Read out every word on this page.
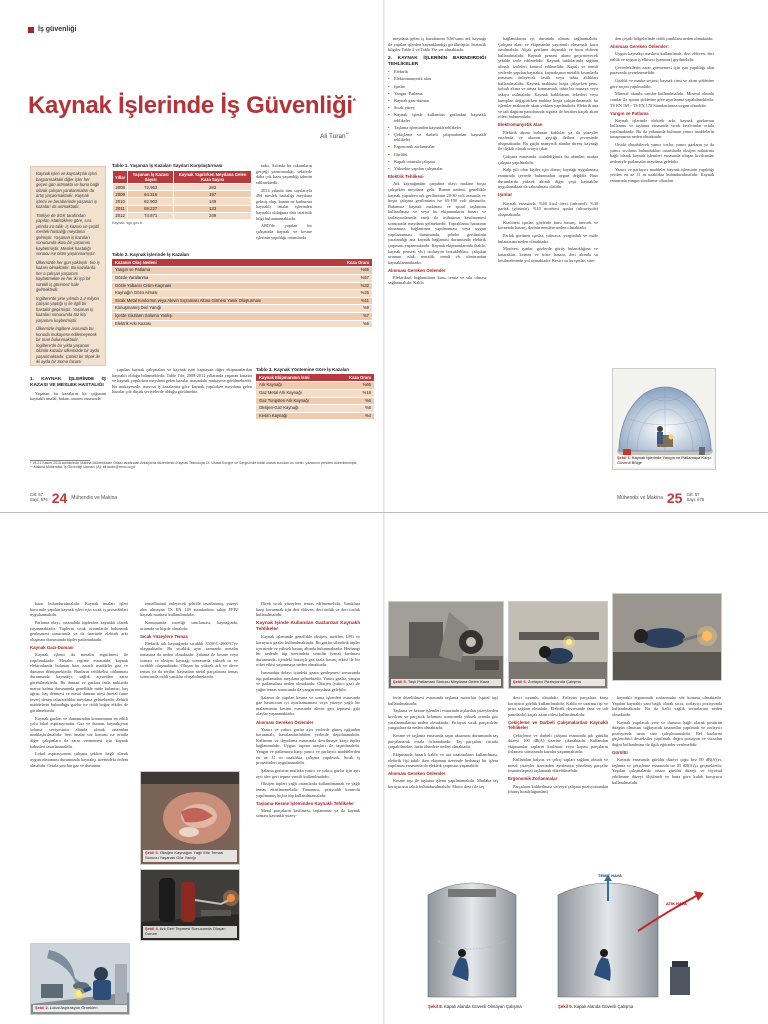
İş güvenliği
Kaynak İşlerinde İş Güvenliği*
Ali Turan**

Kaynak işleri ve kaynakçılık işleri başparmaktaki diğer işler her geçen gün artmakta ve buna bağlı olarak çalışan yaralanmaları da artış yaşanmaktadır. Kaynak işlemi ve beraberinde yaşanan iş kazaları da artmaktadır.

Türkiye de SGK tarafından yapılan istatistiklere göre, sıra yılında iro-talik- iş kazası ve çeşitli meslek hastalığı meydana gelmiştir. Yaşanan iş kazaları sonucunda iküsı bir yaşamını kaybetmiştir. Meslek hastalığı sonucu ise ölüm yaşanmamıştır.

Ülkemizde her gün yaklaşık -tiro iş kazası olmaktadır. Bu kazalarda her a çalışan yaşamını kaybetmekte ve her iki işçi bir sürekli iş göremez hale gelmektedir.

İngiltere'de yine yılında 1,4 milyon çalışan yaptığı iş ile ilgili bir hastalık geçirmiştir. Yaşanan iş kazaları sonucunda tüz kişi yaşamını kaybetmiştir.

Ülkemizle İngiltere arasında bu konuda mukayese edilemeyecek bir oran bulunmaktadır. İngiltere'de bir yılda yaşanan ölümlü kazalar ülkemizde bir ayda yaşanmaktadır. Çünkü bir ölçek ile iki ayda bir Soma faciası

1. KAYNAK İŞLERİNDE İŞ KAZASI VE MESLEK HASTALIĞI

Yaşanan bu kazaların bir çoğunun kaynaklı imalat, bakım onarım esnasında

Tablo 1. Yaşanan İş Kazaları Sayıları Karşılaştırması
Yıllar	Yaşanan İş Kazası Sayısı	Kaynak Yapılırken Meydana Gelen Kaza Sayısı
2008	72.963	283
2009	64.316	197
2010	62.903	149
2011	69.227	123
2012	74.871	249
Kaynak: sgk.gov.tr

tadır. Aslında bu rakamların gerçeği yansıtmadığı, sektörde daha çok kaza yaşandığı tahmin edilmektedir.

2014 yılında tüm sayılarıyla 494 meslek hastalığı meydana gelmiş olup, bunun ne kadarının kaynaklı imalat işlerinden kaynaklı olduğuna dair istatistik bilgi bulunmamaktadır.

ABD'de yapılan bir çalışmada kaynak ve kesme işlerinin yapıldığı ortamlarda

Tablo 2. Kaynak İşlerinde İş Kazaları
Kazanın Oluş Nedeni	Kaza Oranı
Yangın ve Patlama	%66
Gözde Yaralanma	%57
Gözle Yabancı Cisim Kaçması	%32
Kaynağın Gözü Alması	%25
Sıcak Metal Kıvılcımın veya Alevin Sıçraması Altına Girmesi Yanık Oluşturması	%11
Konuşmamış Deri Yanığı	%9
İçerde Gazların Soluma Yanlışı	%7
Elektrik Arkı Kazası	%6

yapılan kaynak çalışmaları ve kaynak işini kapsayan diğer ekipmanlardan kaynaklı olduğu bilinmektedir. Table 1'de, 2008-2012 yıllarında yaşanan kazalar ve kaynak yapılırken meydana gelen kazalar arasındaki mukayese görülmektedir. Bu mukayesede, mevcut iş kazalarına göre kaynak yapılırken meydana gelen kazalar çok düşük seviyelerde olduğu görülmekte.

Tablo 3. Kaynak Yöntemine Göre İş Kazaları
Kaynak Ekipmanının İsmi	Kaza Oranı
Ark Kaynağı	%66
Gaz Metal Ark Kaynağı	%18
Gaz Tungsten Ark Kaynağı	%6
Oksijen-Gaz Kaynağı	%5
Kesim Kaynağı	%4
* 19-21 Kasım 2015 tarihlerinde Makina Mühendisleri Odası tarafından Antalya'da düzenlenen Kaynak Teknolojisi IX. Ulusal Kongre ve Sergisi'nde bildiri olarak sunulan bu metin, yazarının yeniden düzenlenmiştir.
** Makina Mühendisi, İş Güvenliği Uzmanı (A); ali.turan@mmo.org.tr
Cilt: 57
Sayı: 676 24 Mühendis ve Makina

meydana gelen iş kazalarının %66'sının ark kaynağı ile yapılan işlerden kaynaklandığı görülmüştür. İstatistik bilgiler Tablo 2 ve Tablo 3'te yer almaktadır.

2. KAYNAK İŞLERİNİN BARINDIRDIĞI TEHLİKELER
• Elektrik
• Elektromanyetik alan
• Işınlar
• Yangın -Patlama
• Kaynak gazı-duması
• Sıcak yüzey
• Kaynak işinde kullanılan gazlardan kaynaklı tehlikeler
• Taşlama işleminden kaynaklı tehlikeler
• Çekiçleme ve darbeli çalışmalardan kaynaklı tehlikeler
• Ergonomik zorlanmalar
• Gürültü
• Kapalı ortamda çalışma
• Yüksekte yapılan çalışmalar
Elektrik Tehlikesi

Ark kaynağından çarpılma olayı makine boşta çalışırken meydana gelir. Bunun nedeni, genellikle kaynak yaparken ark geriliminin 20-30 volt arasında ve boşta çalışma geriliminin ise 65-100 volt olmasıdır. Bakımsız kaynak makinası ve spiral taşlarının kullanılması ve veya bu ekipmanların hasarı ve izolasyonlarında eneji ile irtibatının kesilmemesi sonucunda meydana gelmektedir. Topraklama hatasının olmaması, bağlantının yapılmaması veya uygun yapılamaması durumunda, şebeke geriliminin yaralandığı ana kaynak bağlantısı durumunda elektrik çarpması yaşanmaktadır. Kaynak ekipmanlarında (kablo, kaynak pensesi vb.) izolasyon bozuklukları, çalışılan ortamın ıslak, metalik, nemli vb. olmasından kaynaklanmaktadır.

Alınması Gereken Önlemler

Elektriksel bağlantıların kuru, temiz ve sıkı olması sağlanmalıdır. Kablo

bağlantılarını iyi durumda olması sağlanmalıdır. Çalışma alanı ve ekipmanlar yayınımlı olmamalı, kuru tutulmalıdır. Alçak gerilime dayanıklı ve kuru eldiven kullanılmalıdır. Kaynak pensesi akımı geçirmeyecek şekilde izole edilmelidir. Kaynak tablolarında sağlam olmalı, izoleleri kontrol edilmelidir. Kapalı ve nemli yerlerde yapılan kaynakta, kaynakçının metalik kısımlarla temasını önleyecek lastik veya tahta altlıkları kullanılmalıdır. Kaynak makinası boşta çalışırken pens, koltuk altına ve omza konmamalı, tahta bir masaya veya askıya asılmalıdır. Kaynak kablolarını tekerleri veya kumpları değiştirirken makine boşta çalıştırılmamalı, bu işlemler makinede akım yokken yapılmalıdır. Elektrik ana ve tali dağıtım panolarında sigorta ile beraber kaçak akım rölesi bulunmalıdır.

Elektromanyetik Alan

Elektrik akımı bulunan kablolar ya da yüzeyler etrafında ve akımın geçtiği iletken çevresinde oluşmaktadır. Bu güçlü manyetik alanlar direnç kaynağı ile ilişkili olarak ortaya çıkar.

Çalışma esnasında «tahdidiğimiz bu alandan uzakta çalışma yapılmalıdır.

Kalp pili olan kişiler için direnç kaynağı uygulaması esnasında çevrede bulunmaları uygun değildir. Bazı durumlarda yüksek akımlı diğer çeşit kaynaklar uygulamaktan da sakınılması olabilir

Işınlar

Kaynak esnasında, %60 kızıl ötesi (infrared), %30 parlak (görünür), %10 morötesi ışınlar (ultraviyole) oluşmaktadır.

Kızılötesi ışınlar, gözlerde kuru basınç, mercek ve korneada basınç, derinin nemlere neden olmaktadır.

Parlak görünen ışınlar, yalnızca, yorgunluk ve mide bulantısına neden olmaktadır.

Morötesi ışınlar, gözlerde görüş bulanıklığına ve kataraktın, kornea ve iriste hasara, deri altında su kesilmelerinde yol açmaktadır. Kesici su bu ışınlar, süre-

den çeşitli bölgelerinde ciddi yanıklara neden olmaktadır.

Alınması Gereken Önlemler:

Uygun kaynakçı maskesi kullanılmalı, deri eldiven, deri önlük ve uygun iş elbisesi (yanmaz) giyilmelidir.

Çevredekilerin zarar görmemesi için ışın yapıldığı alan paravanla çevrelenmelidir.

Gözlük ve maske seçimi; kaynak cinsi ve akım şiddetine göre seçim yapılmalıdır.

Mineral okunlu camlar kullanılmalıdır. Mineral okunlu camlar ile ışınım şiddetine göre ayarlanma yapabilmektedir. TS EN 169 - TS EN 170 Standartlarına uygun olmalıdır.

Yangın ve Patlama

Kaynak işlerinde elektrik arkı, kaynak gazlarının kullanımı ve taşlama esnasında sıcak kıvılcımlar ortala yayılmaktadır. Bu da yakınında bulunan yanıcı maddelerin tutuşmasına neden olmaktadır.

Ortala oluşabilecek yanıcı tozlar, yanıcı gazların ya da yanıcı sıvıların bulundukları ortamlarda oksijen miktarına bağlı olarak kaynak işlemleri esnasında oluşan kıvılcımlar nedeniyle patlamalar meydana gelebilir.

Yanıcı ve parlayıcı maddeler kaynak işleminin yapıldığı yerden en az 11 m uzaklıkta bulundurulmalıdır. Kaynak esnasında yangın söndürme cihazları

Şekil 1. Kaynak İşlerinde Yangın ve Patlamaya Karşı Güvenli Bölge
Mühendis ve Makina 25 Cilt: 57
Sayı: 676

bazır bulundurulmalıdır. Kaynak imalatı işleri haricinde yapılan kaynak işleri için sıcak iş prosedürleri uygulanmalıdır.

Parlama olayı, ortamdaki tüplerden kaynaklı olarak yaşanmaktadır. Tüplerin sıcak ortamlarda bulunarak genleşmesi sonucunda ya da üzerinde elektrik arkı oluşması durumunda tüpler patlamaktadır.

Kaynak Gazı-Duması

Kaynak işlemi iki metalin ergitilmesi ile yapılmaktadır. Metalin ergime esnasında, kaynak elektrodunda bulunan bazı zararlı maddeler gaz ve dumana dönüşmektedir. Bunların tehlikelisi oldanması durumunda kaynakçı, sağlık açısından zarar görebilmektedir. Bu duman ve gazlara fazla miktarda maruz kalma durumunda genellikle mide bulantısı, baş ağrısı, baş dönmesi ve metal dumanı ateşi (metal fume fever) denen rahatsızlıklar meydana gelmektedir. Zehirli maddelerin bulunduğu gazlar ise ciddi boğaz etkiler de görülmektedir.

Kaynak gazları ve dumanından korunmanın en etkili yolu lokal aspirasyondur. Gaz ve duman, kaynakçının soluma seviyesinin altında olmak ortamdan uzaklaştırılmalıdır. Seri imalat söz konusu ise ortalla diğer çalışanlara da zarar vermemesi için kaynak kabinleri tasarlanmalıdır.

Lokal aspirasyonun çalışma şekline bağlı olarak uygun olmaması durumunda kaynakçı üzerindeki önlem almalıdır. Ortala yayılan gaz ve dumanın

Şekil 2. Lokal Aspirasyon Örnekleri

temellüsünü önleyecek şekilde tasarlanmış, yüzeyi alev almayan TS EN 149 standardına sahip FFP2 kaynak maskesi kullanılmalıdır.

Konumunda inceliği sınırlaması, kaynağında, ortamda ve kişide olmalıdır.

Sıcak Yüzeylere Temas

Elektrik ark kaynağında sıcaklık 3500°C-4000°C'ye ulaşmaktadır. Bu sıcaklık aynı zamanda metalin temasına da neden olmaktadır. Şalama ile kesme veya sonrası ve oksijen kaynağı sonrasında yüksek ısı ve sıcaklık oluşmaktadır. Oluşan bu yüksek ark ve aleve temas ya da sertlin, kaynattan metal parçalarına temas sonucunda ciddi yanıklar oluşabilmektedir.

Şekil 3. Oksijen Kaynağını Yağlı Elle Temas Sonucu Yaşanan Göz Yanığı
Şekil 4. Ark Geri Tepmesi Sonucunda Oluşan Durum

Direk sıcak yüzeylere temas edilmemelidir. Yanıklara karşı korunmak için deri eldiven, deri önlük ve deri tozluk kullanılmalıdır.

Kaynak İşinde Kullanılan Gazlardan Kaynaklı Tehlikeler

Kaynak işleminde genellikle oksijen, asetilen, LPG ve koruyucu gazlar kullanılmaktadır. Bu gazlar silindirik tüpler içerisinde ve yüksek basınç altında bulunmaktadır. Herhangi bir nedenle tüp üzerindeki ventilin (vana) kırılması durumunda, içindeki basınçlı gaz fazla basınç etkisi ile bir roket etkisi yaşanmaya neden olmaktadır.

İsmmadan dolayı içindeki gazın genleşmesi sonucunda tüp patlamaları meydana gelmektedir. Yanıcı gazlar, yangın ve patlamalara neden olmaktadır. Oksijen (yakıcı gaz) ile yağın temas sonucunda da yangın meydana gelebilir.

Şalama ile yapılan kesme ve sonra işlemleri esnasında gaz basıncının iyi ayarlanmaması veya yüzeye yağlı bir malzemenin kesimi esnasında alevin geri tepmesi gibi olaylar yaşanmaktadır.

Alınması Gereken Önlemler

Yanıcı ve yakıcı gazlar ayrı yerlerde güneş ışığından korunmalı, havalandırılabilen yerlerde depolanmalıdır. Kullanım ve depolama esnasında devrilmeye karşı tüpler bağlanmalıdır. Uygun taşıma araçları ile taşınılmalıdır. Yangın ve patlamaya karşı yanıcı ve parlayıcı maddelerden en az 11 m uzaklıkta çalışma yapılmalı. Sıcak iş prosedürleri uygulanmalıdır.

Şalama gerisine mutlaka yanıcı ve yakıcı gazlar için ayrı ayrı alev geri tepme ventili kullanılmalıdır.

Oksijen tüpleri yağlı ortamlarda kullanılmamalı ve yağlı temas ettirilmemelidir. Tamamısı, periyodik kontrolü yapılmamış hiçbir tüp kullanılmamalıdır.

Taşlama-Kesme İşleminden Kaynaklı Tehlikeler

Metal parçaların kesilmesi, taşlanması ya da kaynak sonrası kaynaklı yüzey-

Şekil 5. Taşlı Patlaması Sonucu Meydana Gelen Kaza	Şekil 6. Zorlayıcı Pozisyonda Çalışma

lerin düzeltilmesi esnasında taşlama motorları (spiral taş) kullanılmaktadır.

Taşlama ve kesme işlemleri esnasında açılardan yüzeylerden kıvılcım ve parçacık fırlaması sonucunda yüksek oranda göz yaralanmalarına neden olmaktadır. Fırlayan sıcak parçacıklar yangınlara da neden olmaktadır.

Kesme ve taşlama esnasında taşın uksaması durumunda taş parçalanarak ortala fırlamaktadır. Taş parçaları vücuda çarpabilmekte, hatta ölümlere neden olmaktadır.

Ekipmanda hasarlı kablo ve ara uzatmaların kullanılması, elektrik fişi takılı iken ekipman üzerinde herhangi bir işlem yapılması esnasında da elektrik çarpması yaşanabilir.

Alınması Gereken Önlemler

Kesme taşı ile taşlama işlemi yapılmamalıdır. Mutlaka taş koruyucusu takılı bulundurulmalıdır. Motor devri ile taş

devri uyumlu olmalıdır. Fırlayan parçalara karşı koruyucu gözlük kullanılmalıdır. Kablo ve uzatma fişi ve prizi sağlam olmalıdır. Elektrik devresinde (ana ve tali panolarda) kaçak akım rölesi kullanılmalıdır.

Çekiçleme ve Darbeli Çalışmalardan Kaynaklı Tehlikeler

Çekiçleme ve darbeli çalışma esnasında pik gürültü düzeyi 100 dB(A) üzerine çıkmaktadır. Kullanılan ekipmanlar sapların kırılması veya kopan parçaların fırlaması sonucunda kazalar yaşanmaktadır.

Kullanılan balyoz ve çekiç sapları sağlam olmalı ve metal yüzeyler üzerinden ayrılmaya yönelmiş parçalar (manterlaşma) taşlanarak düzeltilmelidir.

Ergonomik Zorlanmalar

Parçaların kaldırılması ve/veya çalışma pozisyonundan (duruş bozukluğundan)

kaynaklı ergonomik zorlanmalar söz konusu olmaktadır. Yapılan kaynaklı yani bağlı olarak sıcat, zorlayıcı pozisyonda kullanılmaktadır. Bu da fiziki sağlık sorunlarına neden olmaktadır.

Kaynak yapılacak yere ve duruma bağlı olarak postürün düzgün olmasını sağlayacak tasarımlar yapılmalı ve zorlayıcı pozisyonda uzun süre çalışılmamalıdır. Bel kazlarını güçlendirici desteksiler yapılmalı, doğru postayon ve vücudun doğru kullanılması ile ilgili eğitimler verilmelidir.

Gürültü

Kaynak esnasında gürültü düzeyi çoğu kez 80 dB(A)'yı, taşlama ve çekiçleme esnasında ise 85 dB(A)'yı geçmektedir. Yapılan çalışmalarda ortam gürültü düzeyi ve biyotsal etkilenme düzeyi ölçülmeli ve buna göre kulak koruyucu kullanılmalıdır.

TEMİZ HAVA
ATIK HAVA
Şekil 8. Kapalı Alanda Güvenli Olmayan Çalışma	Şekil 9. Kapalı Alanda Güvenli Çalışma
